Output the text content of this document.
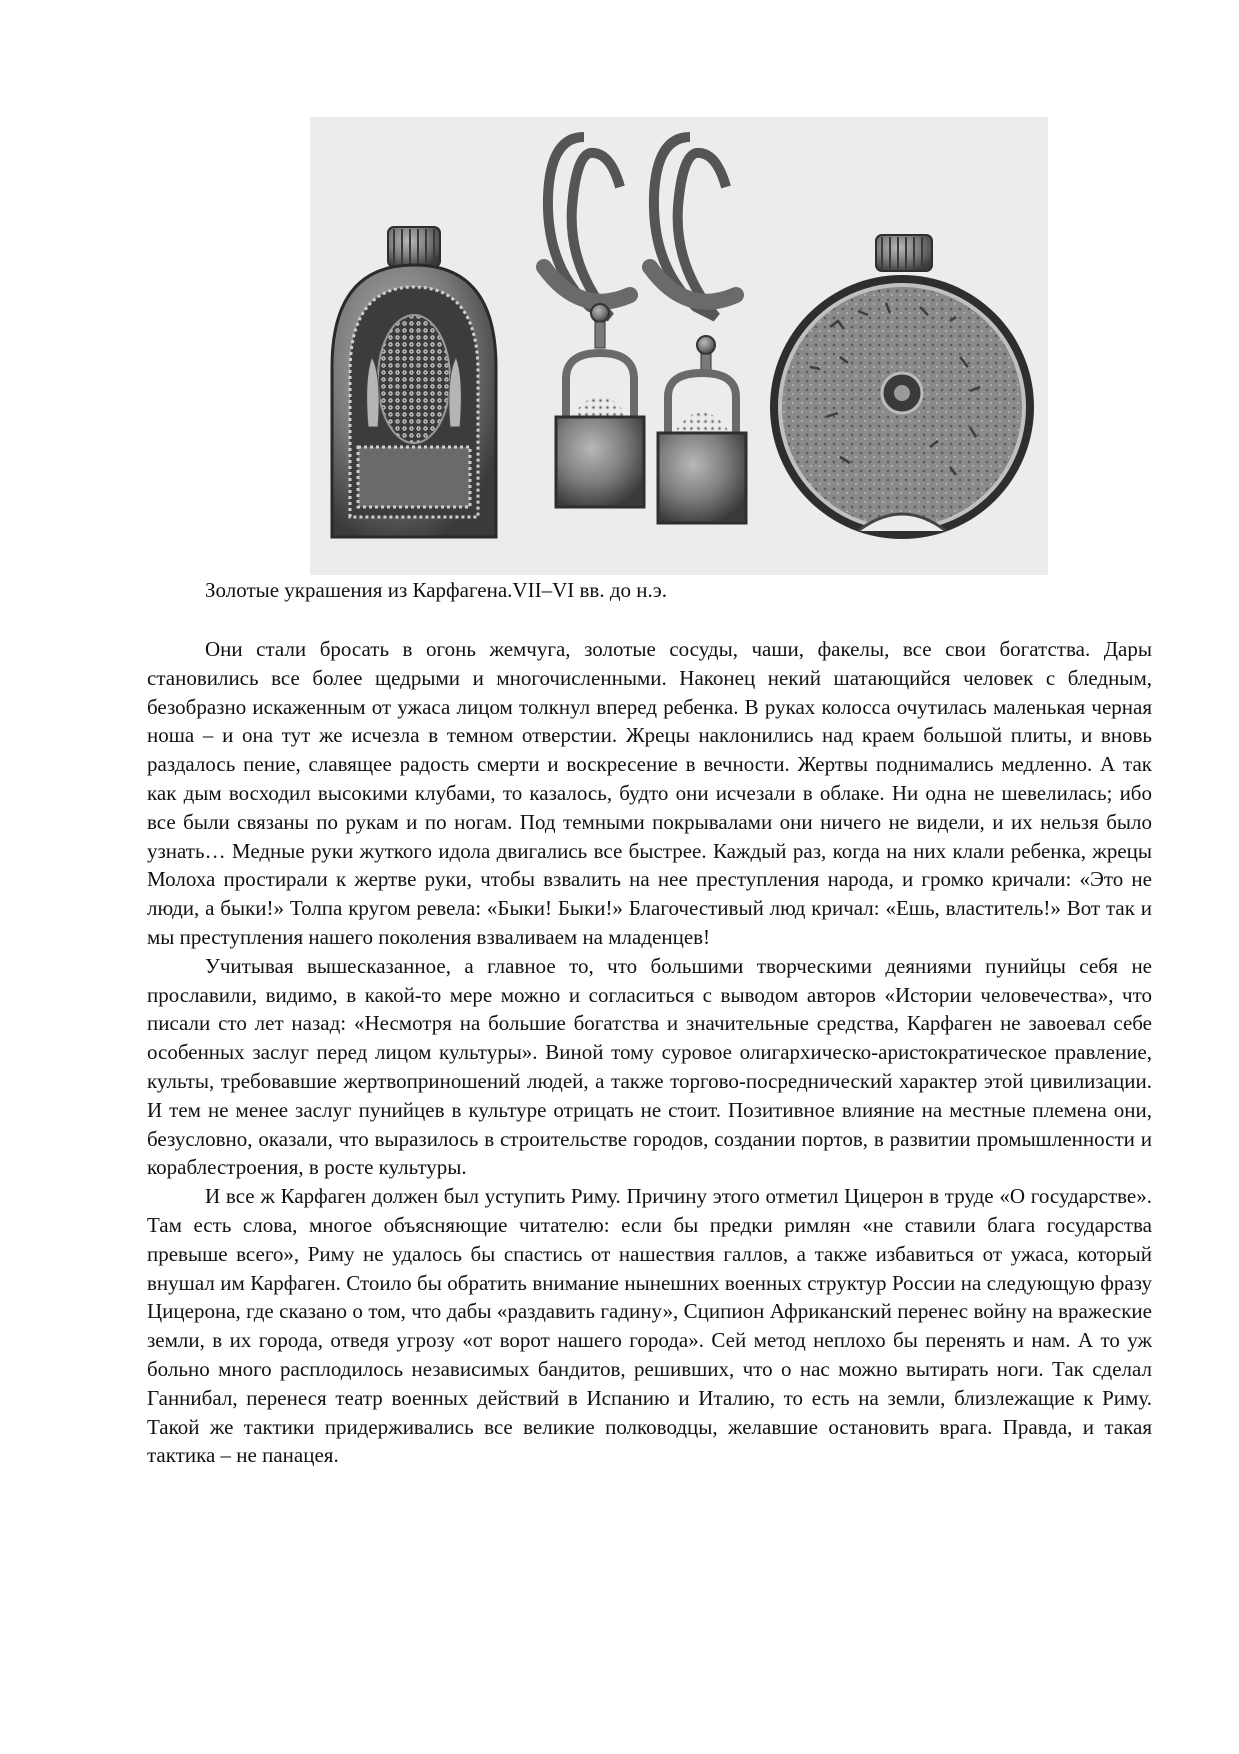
Золотые украшения из Карфагена.VII–VI вв. до н.э.

Они стали бросать в огонь жемчуга, золотые сосуды, чаши, факелы, все свои богатства. Дары становились все более щедрыми и многочисленными. Наконец некий шатающийся человек с бледным, безобразно искаженным от ужаса лицом толкнул вперед ребенка. В руках колосса очутилась маленькая черная ноша – и она тут же исчезла в темном отверстии. Жрецы наклонились над краем большой плиты, и вновь раздалось пение, славящее радость смерти и воскресение в вечности. Жертвы поднимались медленно. А так как дым восходил высокими клубами, то казалось, будто они исчезали в облаке. Ни одна не шевелилась; ибо все были связаны по рукам и по ногам. Под темными покрывалами они ничего не видели, и их нельзя было узнать… Медные руки жуткого идола двигались все быстрее. Каждый раз, когда на них клали ребенка, жрецы Молоха простирали к жертве руки, чтобы взвалить на нее преступления народа, и громко кричали: «Это не люди, а быки!» Толпа кругом ревела: «Быки! Быки!» Благочестивый люд кричал: «Ешь, властитель!» Вот так и мы преступления нашего поколения взваливаем на младенцев!

Учитывая вышесказанное, а главное то, что большими творческими деяниями пунийцы себя не прославили, видимо, в какой-то мере можно и согласиться с выводом авторов «Истории человечества», что писали сто лет назад: «Несмотря на большие богатства и значительные средства, Карфаген не завоевал себе особенных заслуг перед лицом культуры». Виной тому суровое олигархическо-аристократическое правление, культы, требовавшие жертвоприношений людей, а также торгово-посреднический характер этой цивилизации. И тем не менее заслуг пунийцев в культуре отрицать не стоит. Позитивное влияние на местные племена они, безусловно, оказали, что выразилось в строительстве городов, создании портов, в развитии промышленности и кораблестроения, в росте культуры.

И все ж Карфаген должен был уступить Риму. Причину этого отметил Цицерон в труде «О государстве». Там есть слова, многое объясняющие читателю: если бы предки римлян «не ставили блага государства превыше всего», Риму не удалось бы спастись от нашествия галлов, а также избавиться от ужаса, который внушал им Карфаген. Стоило бы обратить внимание нынешних военных структур России на следующую фразу Цицерона, где сказано о том, что дабы «раздавить гадину», Сципион Африканский перенес войну на вражеские земли, в их города, отведя угрозу «от ворот нашего города». Сей метод неплохо бы перенять и нам. А то уж больно много расплодилось независимых бандитов, решивших, что о нас можно вытирать ноги. Так сделал Ганнибал, перенеся театр военных действий в Испанию и Италию, то есть на земли, близлежащие к Риму. Такой же тактики придерживались все великие полководцы, желавшие остановить врага. Правда, и такая тактика – не панацея.
